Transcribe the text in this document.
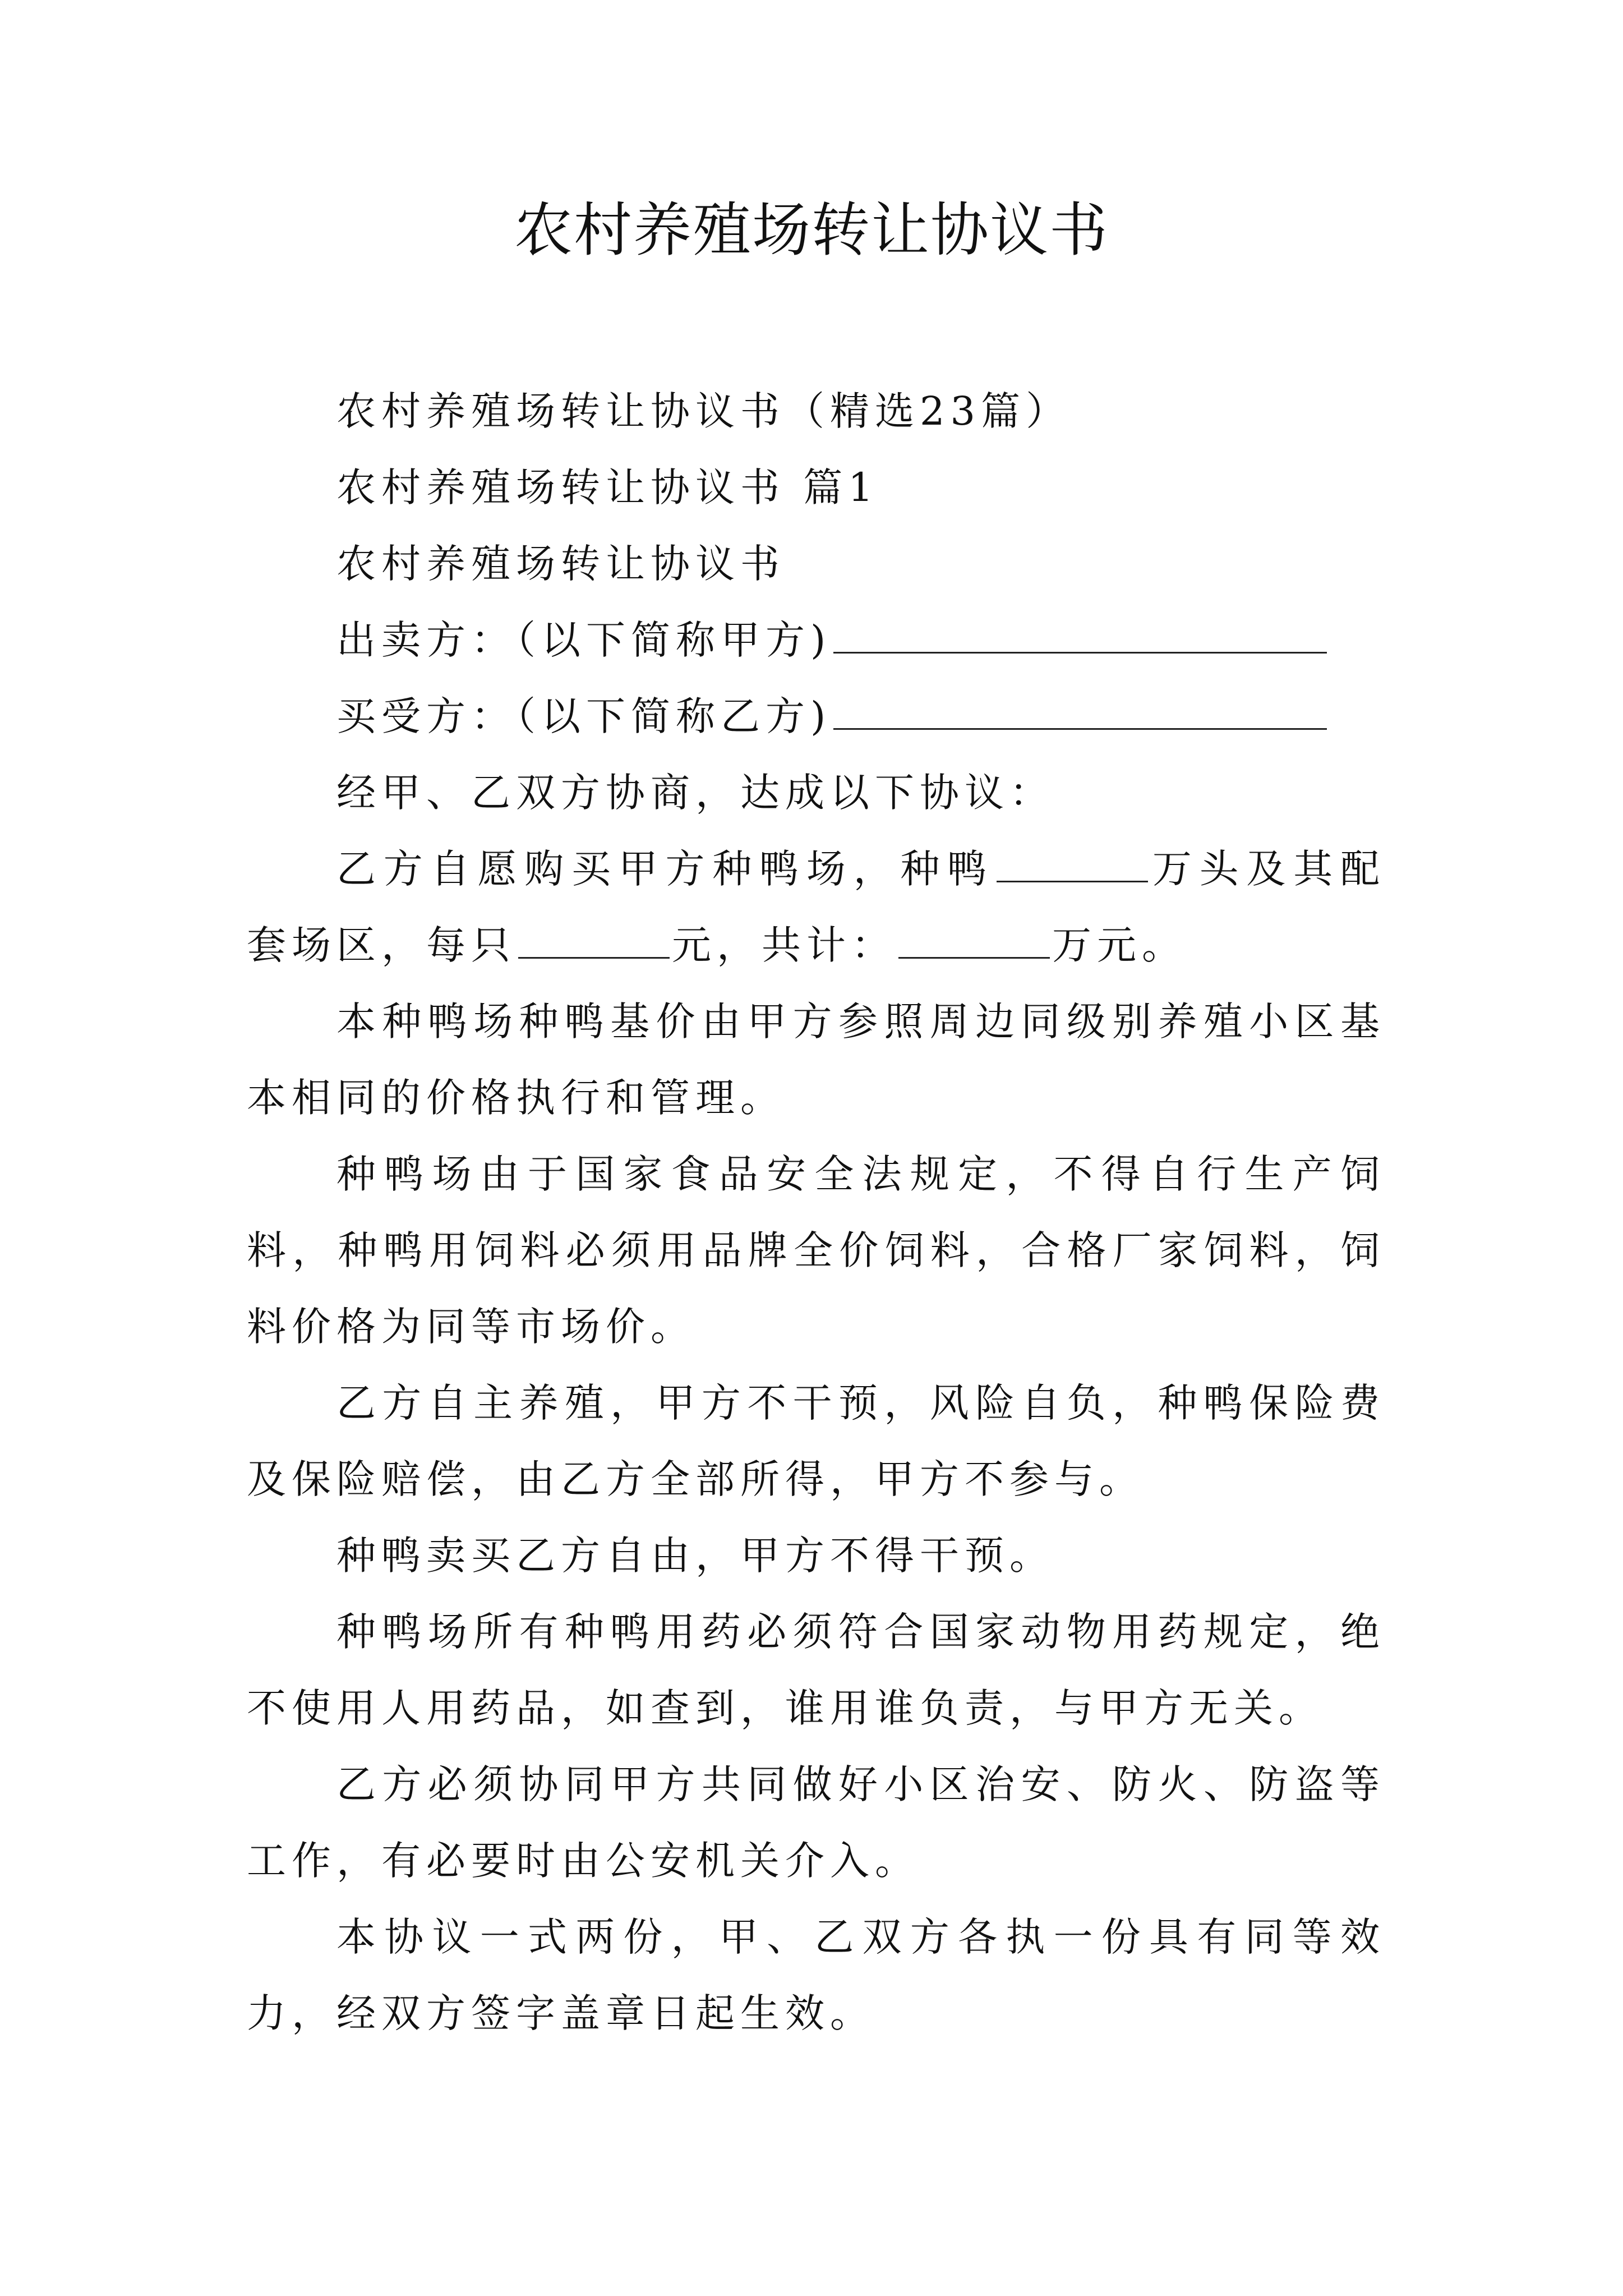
农村养殖场转让协议书

农村养殖场转让协议书（精选23篇）

农村养殖场转让协议书 篇1

农村养殖场转让协议书

出卖方：（以下简称甲方)

买受方：（以下简称乙方)

经甲、乙双方协商，达成以下协议：

乙方自愿购买甲方种鸭场，种鸭	万头及其配套场区，每只	元，共计：	万元。

本种鸭场种鸭基价由甲方参照周边同级别养殖小区基本相同的价格执行和管理。

种鸭场由于国家食品安全法规定，不得自行生产饲料，种鸭用饲料必须用品牌全价饲料，合格厂家饲料，饲料价格为同等市场价。

乙方自主养殖，甲方不干预，风险自负，种鸭保险费及保险赔偿，由乙方全部所得，甲方不参与。

种鸭卖买乙方自由，甲方不得干预。

种鸭场所有种鸭用药必须符合国家动物用药规定，绝不使用人用药品，如查到，谁用谁负责，与甲方无关。

乙方必须协同甲方共同做好小区治安、防火、防盗等工作，有必要时由公安机关介入。

本协议一式两份，甲、乙双方各执一份具有同等效力，经双方签字盖章日起生效。
